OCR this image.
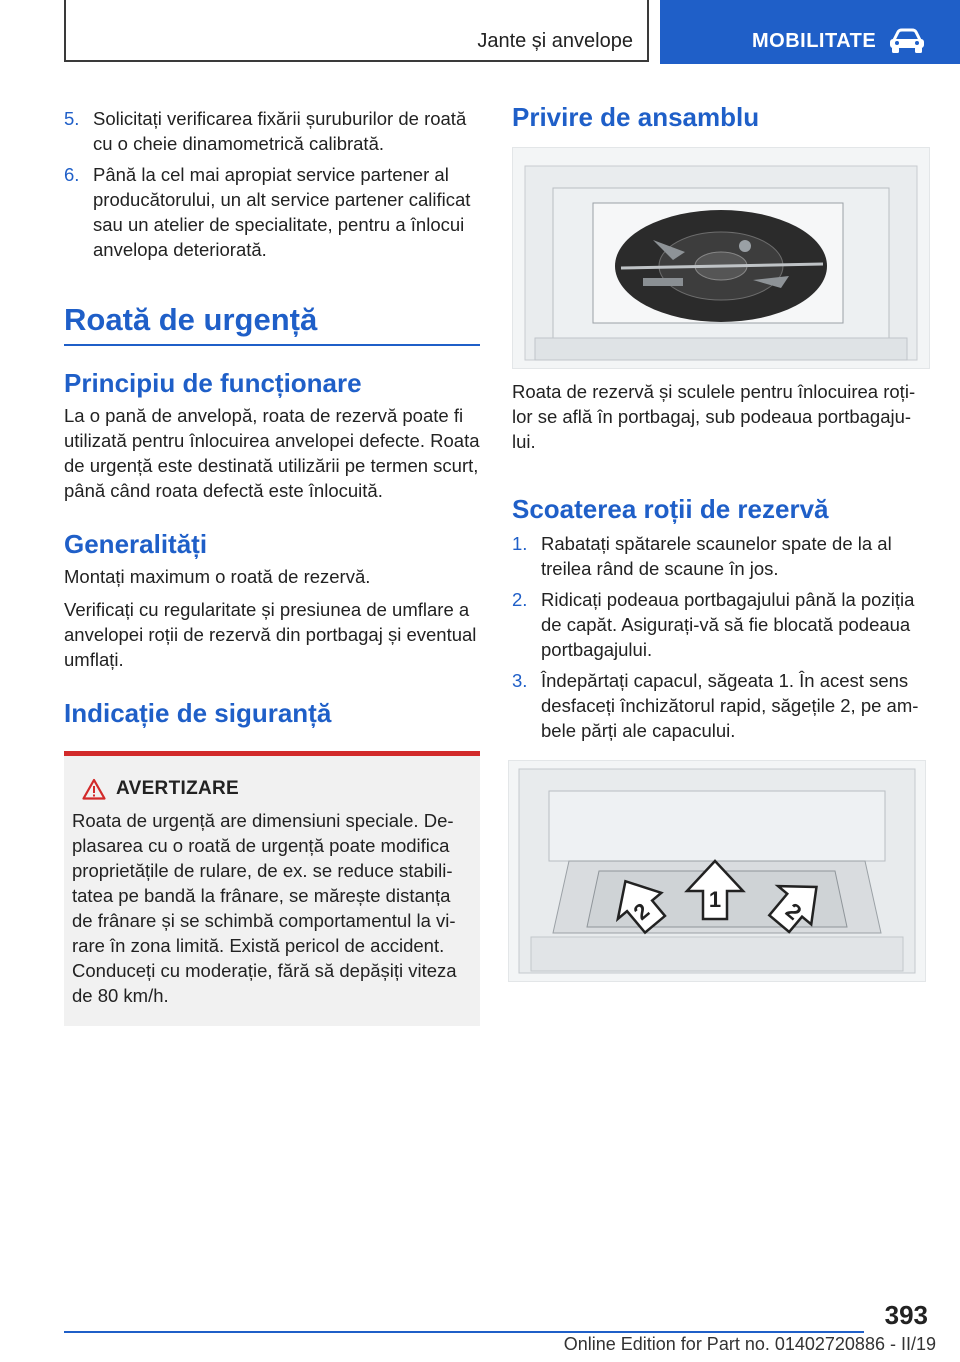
Jante și anvelope	MOBILITATE
5. Solicitați verificarea fixării șuruburilor de roată cu o cheie dinamometrică calibrată.
6. Până la cel mai apropiat service partener al producătorului, un alt service partener calificat sau un atelier de specialitate, pentru a înlocui anvelopa deteriorată.
Roată de urgență
Principiu de funcționare

La o pană de anvelopă, roata de rezervă poate fi utilizată pentru înlocuirea anvelopei defecte. Roata de urgență este destinată utilizării pe termen scurt, până când roata defectă este înlocuită.

Generalități

Montați maximum o roată de rezervă.

Verificați cu regularitate și presiunea de umflare a anvelopei roții de rezervă din portbagaj și eventual umflați.

Indicație de siguranță
AVERTIZARE

Roata de urgență are dimensiuni speciale. Deplasarea cu o roată de urgență poate modifica proprietățile de rulare, de ex. se reduce stabilitatea pe bandă la frânare, se mărește distanța de frânare și se schimbă comportamentul la virare în zona limită. Există pericol de accident. Conduceți cu moderație, fără să depășiți viteza de 80 km/h.

Privire de ansamblu

Roata de rezervă și sculele pentru înlocuirea roților se află în portbagaj, sub podeaua portbagajului.

Scoaterea roții de rezervă
1. Rabatați spătarele scaunelor spate de la al treilea rând de scaune în jos.
2. Ridicați podeaua portbagajului până la poziția de capăt. Asigurați-vă să fie blocată podeaua portbagajului.
3. Îndepărtați capacul, săgeata 1. În acest sens desfaceți închizătorul rapid, săgețile 2, pe ambele părți ale capacului.
2 1	2
393
Online Edition for Part no. 01402720886 - II/19
